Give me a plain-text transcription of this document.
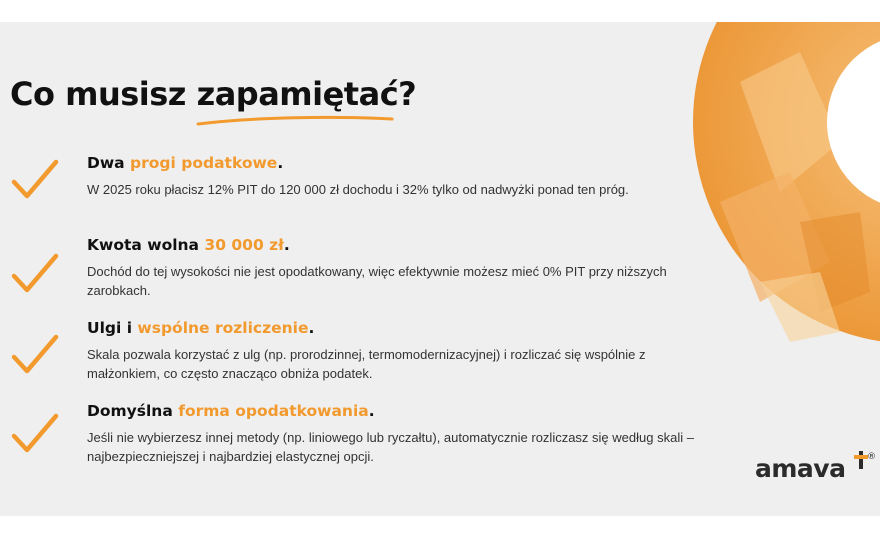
Co musisz zapamiętać?
Dwa progi podatkowe.

W 2025 roku płacisz 12% PIT do 120 000 zł dochodu i 32% tylko od nadwyżki ponad ten próg.

Kwota wolna 30 000 zł.

Dochód do tej wysokości nie jest opodatkowany, więc efektywnie możesz mieć 0% PIT przy niższych zarobkach.

Ulgi i wspólne rozliczenie.

Skala pozwala korzystać z ulg (np. prorodzinnej, termomodernizacyjnej) i rozliczać się wspólnie z małżonkiem, co często znacząco obniża podatek.

Domyślna forma opodatkowania.

Jeśli nie wybierzesz innej metody (np. liniowego lub ryczałtu), automatycznie rozliczasz się według skali – najbezpieczniejszej i najbardziej elastycznej opcji.	amava ®
